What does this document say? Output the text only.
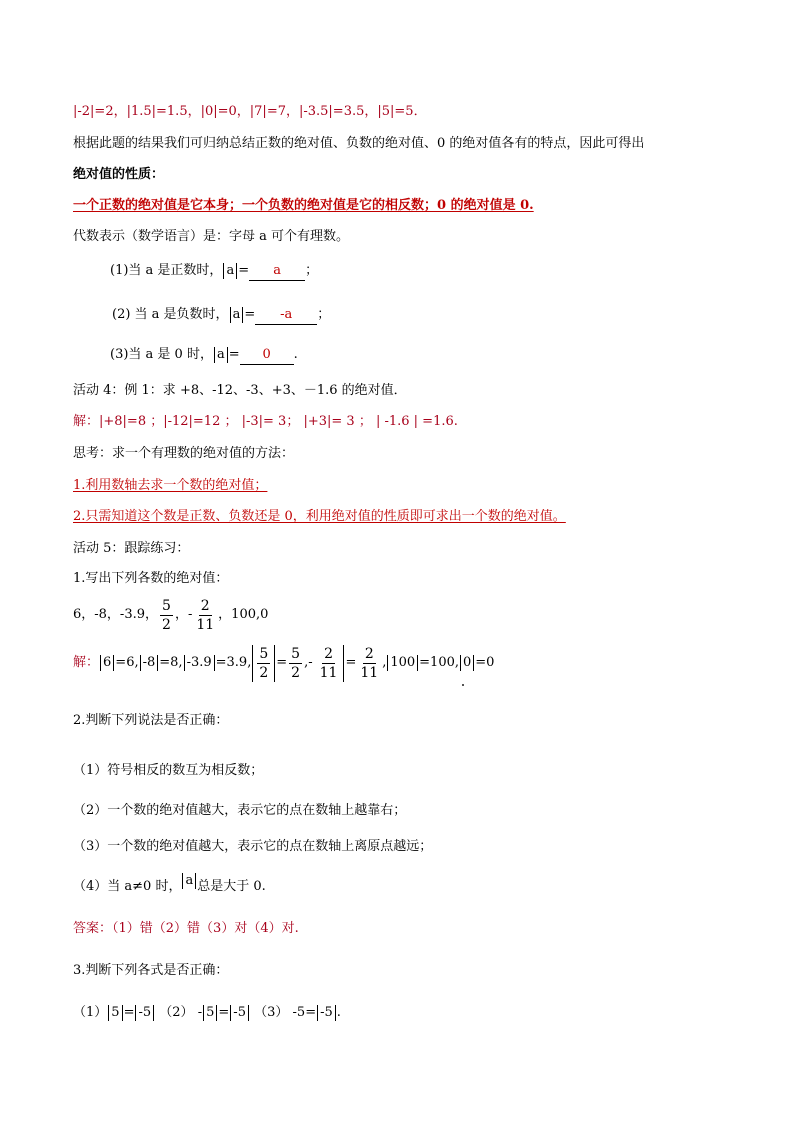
|-2|=2，|1.5|=1.5，|0|=0，|7|=7，|-3.5|=3.5，|5|=5．
根据此题的结果我们可归纳总结正数的绝对值、负数的绝对值、0 的绝对值各有的特点，因此可得出
绝对值的性质：
一个正数的绝对值是它本身；一个负数的绝对值是它的相反数；0 的绝对值是 0.
代数表示（数学语言）是：字母 a 可个有理数。
(1)当 a 是正数时， a = a ；
(2) 当 a 是负数时， a = -a ；
(3)当 a 是 0 时， a = 0 .
活动 4：例 1：求 +8、-12、-3、+3、－1.6 的绝对值．
解：|+8|=8 ；|-12|=12 ； |-3|= 3； |+3|= 3 ； | -1.6 | =1.6.
思考：求一个有理数的绝对值的方法：
1.利用数轴去求一个数的绝对值；
2.只需知道这个数是正数、负数还是 0，利用绝对值的性质即可求出一个数的绝对值。
活动 5：跟踪练习：
1.写出下列各数的绝对值：
6，-8，-3.9， $\frac{5}{2}$ ，- $\frac{2}{11}$ ，100,0
解： 6 =6, -8 =8, -3.9 =3.9, $\frac{5}{2} = \frac{5}{2}$ ,- $\frac{2}{11} = \frac{2}{11}$ , 100 =100, 0 =0
2.判断下列说法是否正确：
（1）符号相反的数互为相反数；
（2）一个数的绝对值越大，表示它的点在数轴上越靠右；
（3）一个数的绝对值越大，表示它的点在数轴上离原点越远；
（4）当 a≠0 时， a 总是大于 0.
答案：（1）错（2）错（3）对（4）对.
3.判断下列各式是否正确：
（1） 5 = -5 （2） - 5 = -5 （3） -5= -5 .
